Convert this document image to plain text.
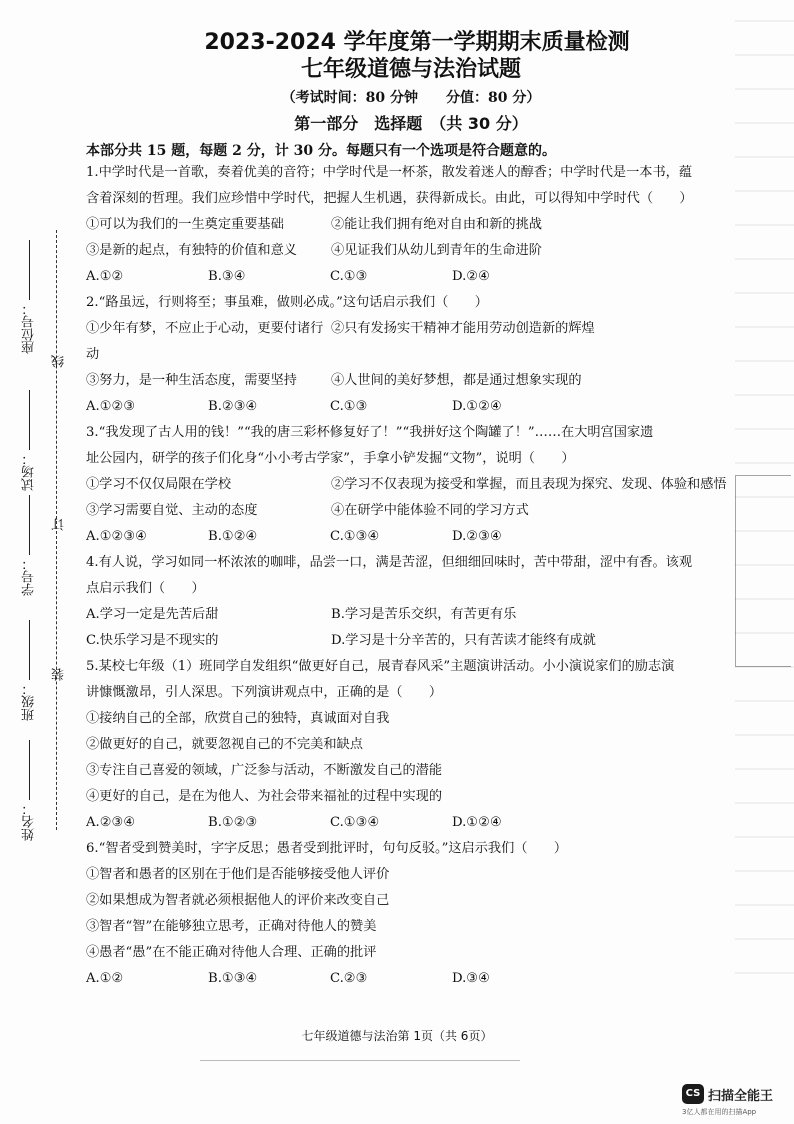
座位号：
试场：
学号：
班级：
姓名：
线
订
装
2023-2024 学年度第一学期期末质量检测
七年级道德与法治试题
（考试时间：80 分钟　　分值：80 分）
第一部分　选择题　（共 30 分）
本部分共 15 题，每题 2 分，计 30 分。每题只有一个选项是符合题意的。
1.中学时代是一首歌，奏着优美的音符；中学时代是一杯茶，散发着迷人的醇香；中学时代是一本书，蕴
含着深刻的哲理。我们应珍惜中学时代，把握人生机遇，获得新成长。由此，可以得知中学时代（　　）
①可以为我们的一生奠定重要基础	②能让我们拥有绝对自由和新的挑战
③是新的起点，有独特的价值和意义	④见证我们从幼儿到青年的生命进阶
A.①②	B.③④	C.①③	D.②④
2.“路虽远，行则将至；事虽难，做则必成。”这句话启示我们（　　）
①少年有梦，不应止于心动，更要付诸行动
②只有发扬实干精神才能用劳动创造新的辉煌
③努力，是一种生活态度，需要坚持	④人世间的美好梦想，都是通过想象实现的
A.①②③	B.②③④	C.①③	D.①②④
3.“我发现了古人用的钱！”“我的唐三彩杯修复好了！”“我拼好这个陶罐了！”……在大明宫国家遗
址公园内，研学的孩子们化身“小小考古学家”，手拿小铲发掘“文物”，说明（　　）
①学习不仅仅局限在学校	②学习不仅表现为接受和掌握，而且表现为探究、发现、体验和感悟
③学习需要自觉、主动的态度	④在研学中能体验不同的学习方式
A.①②③④	B.①②④	C.①③④	D.②③④
4.有人说，学习如同一杯浓浓的咖啡，品尝一口，满是苦涩，但细细回味时，苦中带甜，涩中有香。该观
点启示我们（　　）
A.学习一定是先苦后甜	B.学习是苦乐交织，有苦更有乐
C.快乐学习是不现实的	D.学习是十分辛苦的，只有苦读才能终有成就
5.某校七年级（1）班同学自发组织“做更好自己，展青春风采”主题演讲活动。小小演说家们的励志演
讲慷慨激昂，引人深思。下列演讲观点中，正确的是（　　）
①接纳自己的全部，欣赏自己的独特，真诚面对自我
②做更好的自己，就要忽视自己的不完美和缺点
③专注自己喜爱的领域，广泛参与活动，不断激发自己的潜能
④更好的自己，是在为他人、为社会带来福祉的过程中实现的
A.②③④	B.①②③	C.①③④	D.①②④
6.“智者受到赞美时，字字反思；愚者受到批评时，句句反驳。”这启示我们（　　）
①智者和愚者的区别在于他们是否能够接受他人评价
②如果想成为智者就必须根据他人的评价来改变自己
③智者“智”在能够独立思考，正确对待他人的赞美
④愚者“愚”在不能正确对待他人合理、正确的批评
A.①②	B.①③④	C.②③	D.③④
七年级道德与法治第 1页（共 6页）
CS 扫描全能王
3亿人都在用的扫描App
